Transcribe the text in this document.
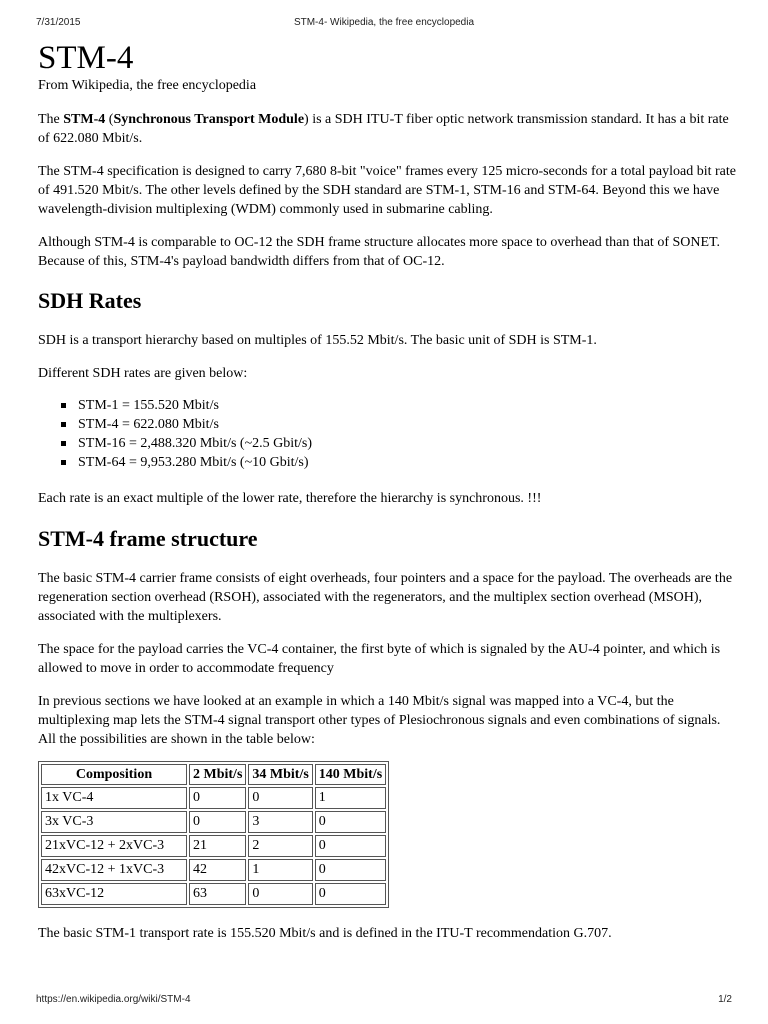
7/31/2015	STM-4- Wikipedia, the free encyclopedia
STM-4
From Wikipedia, the free encyclopedia

The STM-4 (Synchronous Transport Module) is a SDH ITU-T fiber optic network transmission standard. It has a bit rate of 622.080 Mbit/s.

The STM-4 specification is designed to carry 7,680 8-bit "voice" frames every 125 micro-seconds for a total payload bit rate of 491.520 Mbit/s. The other levels defined by the SDH standard are STM-1, STM-16 and STM-64. Beyond this we have wavelength-division multiplexing (WDM) commonly used in submarine cabling.

Although STM-4 is comparable to OC-12 the SDH frame structure allocates more space to overhead than that of SONET. Because of this, STM-4's payload bandwidth differs from that of OC-12.

SDH Rates

SDH is a transport hierarchy based on multiples of 155.52 Mbit/s. The basic unit of SDH is STM-1.

Different SDH rates are given below:

STM-1 = 155.520 Mbit/s
STM-4 = 622.080 Mbit/s
STM-16 = 2,488.320 Mbit/s (~2.5 Gbit/s)
STM-64 = 9,953.280 Mbit/s (~10 Gbit/s)

Each rate is an exact multiple of the lower rate, therefore the hierarchy is synchronous. !!!

STM-4 frame structure

The basic STM-4 carrier frame consists of eight overheads, four pointers and a space for the payload. The overheads are the regeneration section overhead (RSOH), associated with the regenerators, and the multiplex section overhead (MSOH), associated with the multiplexers.

The space for the payload carries the VC-4 container, the first byte of which is signaled by the AU-4 pointer, and which is allowed to move in order to accommodate frequency

In previous sections we have looked at an example in which a 140 Mbit/s signal was mapped into a VC-4, but the multiplexing map lets the STM-4 signal transport other types of Plesiochronous signals and even combinations of signals. All the possibilities are shown in the table below:

Composition	2 Mbit/s	34 Mbit/s	140 Mbit/s
1x VC-4	0	0	1
3x VC-3	0	3	0
21xVC-12 + 2xVC-3	21	2	0
42xVC-12 + 1xVC-3	42	1	0
63xVC-12	63	0	0

The basic STM-1 transport rate is 155.520 Mbit/s and is defined in the ITU-T recommendation G.707.

https://en.wikipedia.org/wiki/STM-4	1/2
